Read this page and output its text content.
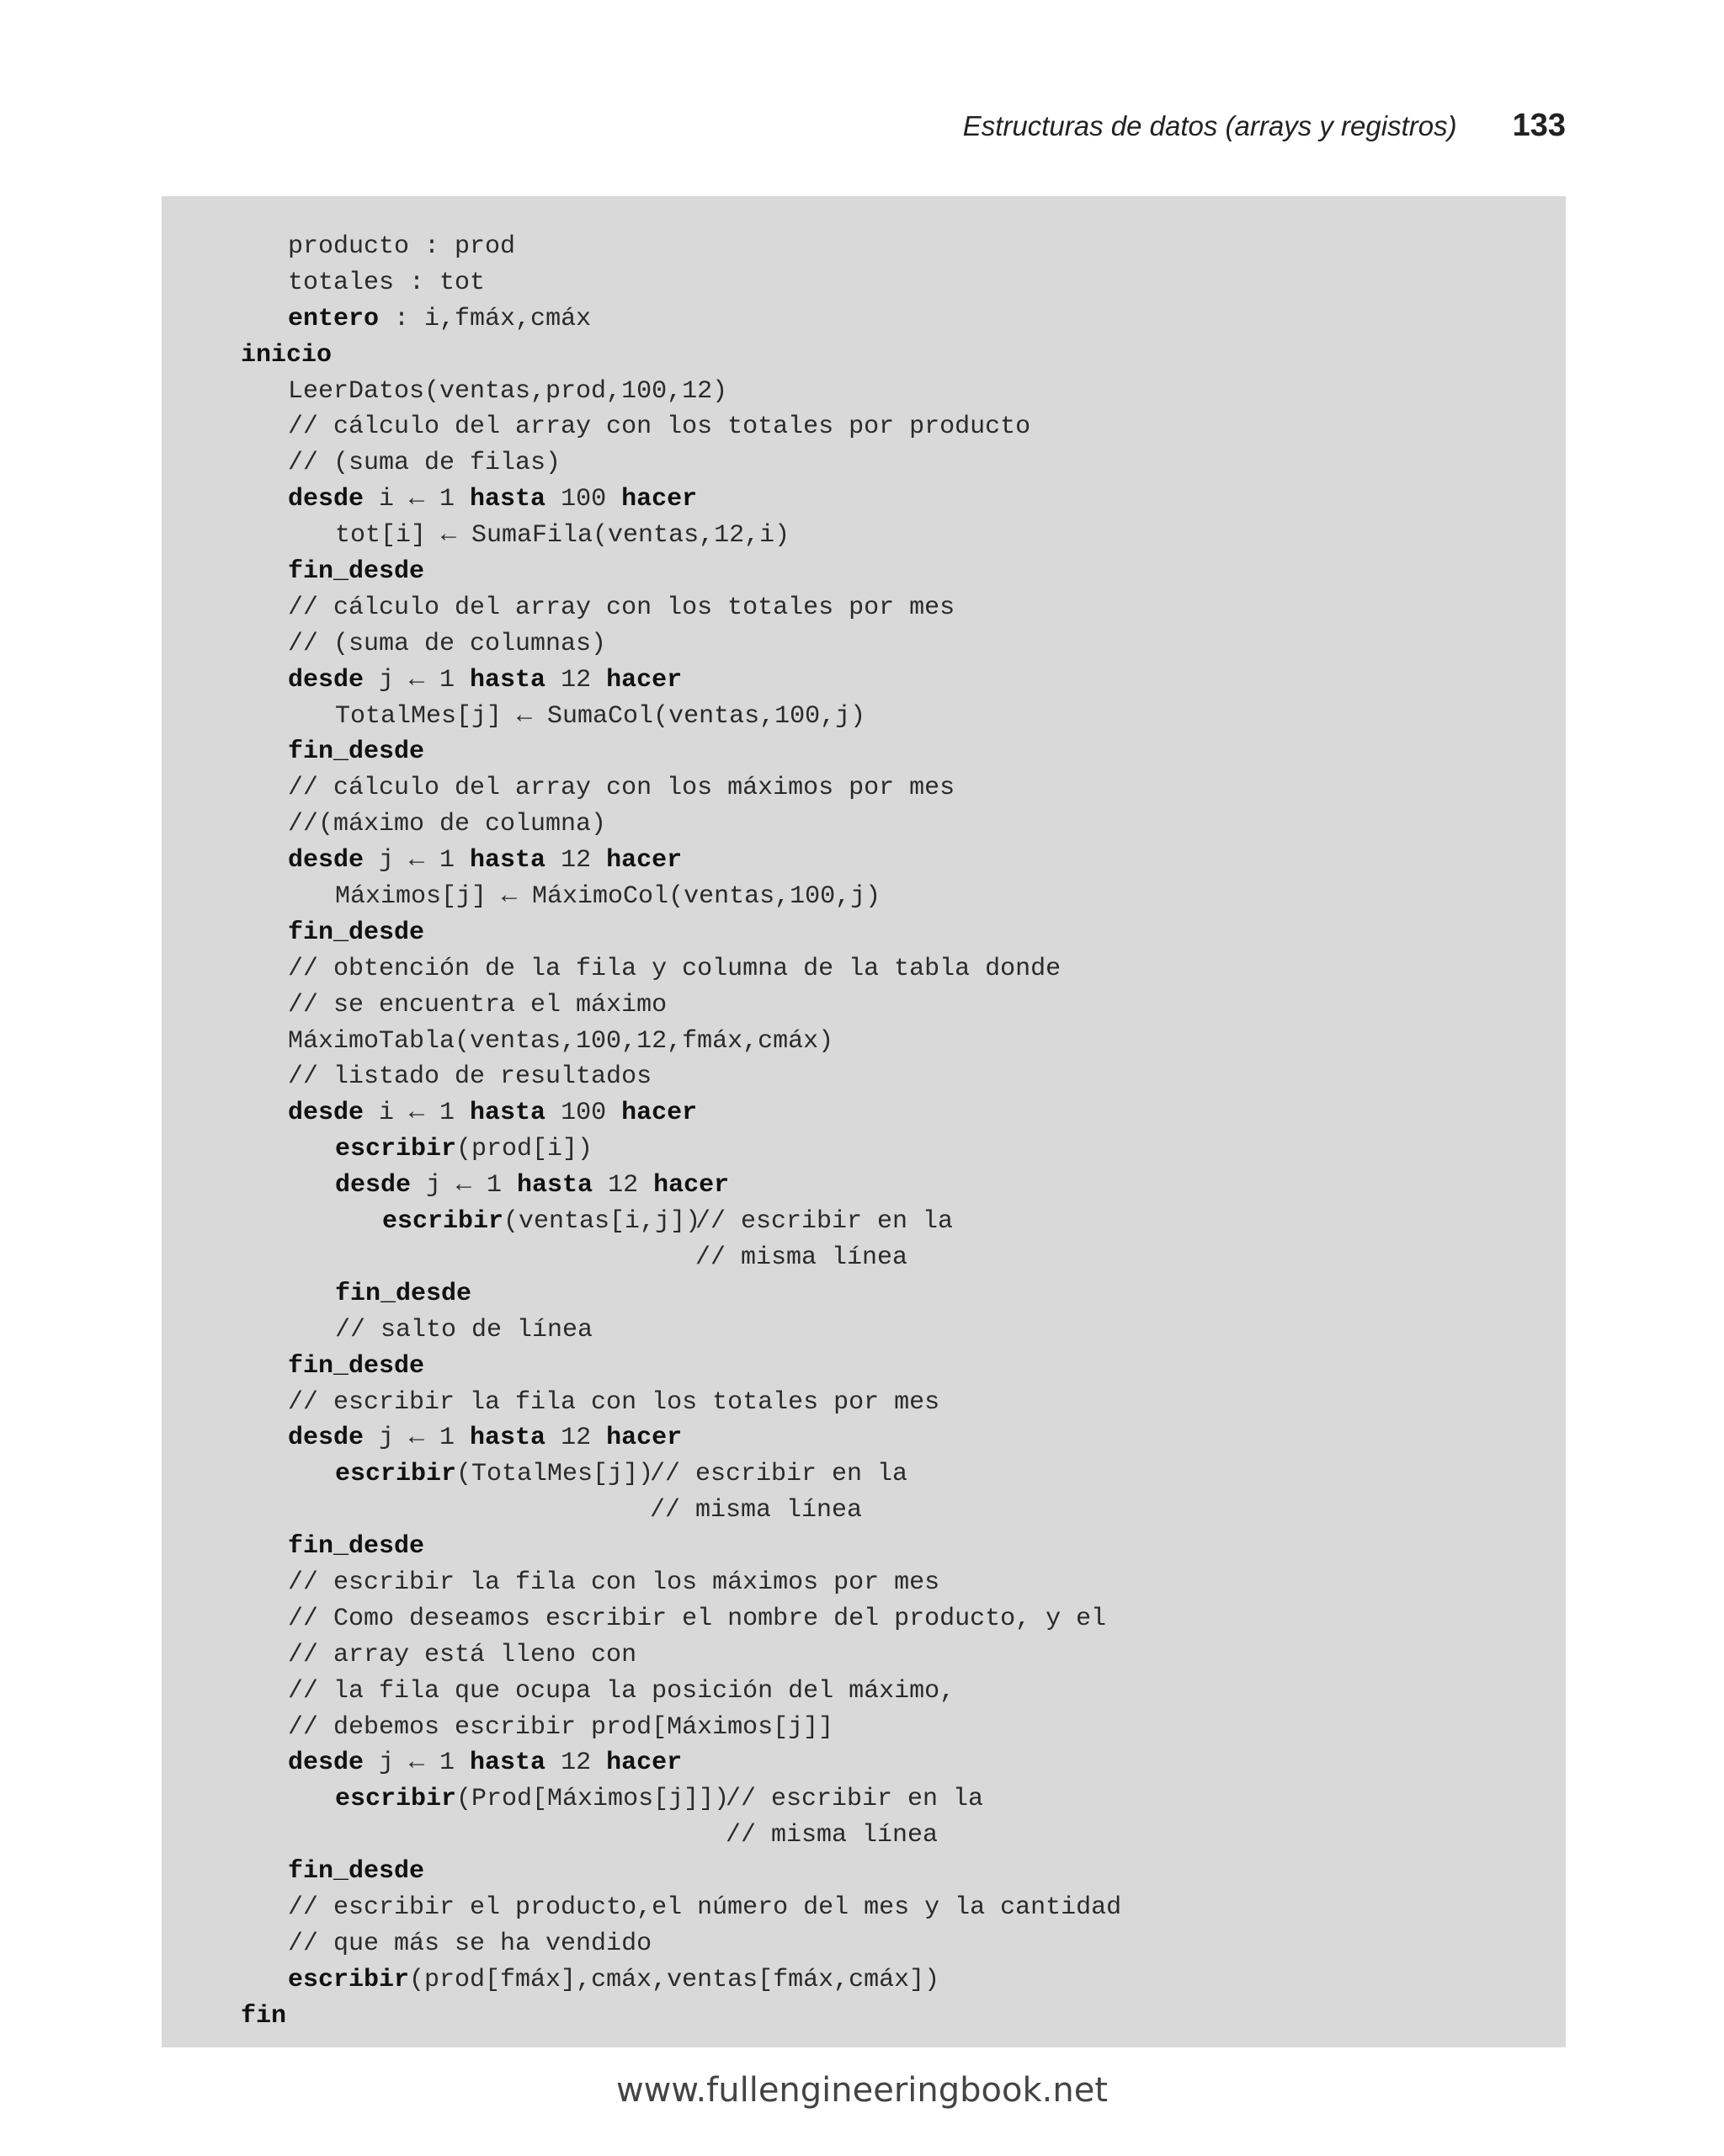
Estructuras de datos (arrays y registros) 133
producto : prod
totales : tot
entero : i,fmáx,cmáx
inicio
LeerDatos(ventas,prod,100,12)
// cálculo del array con los totales por producto
// (suma de filas)
desde i ← 1 hasta 100 hacer
tot[i] ← SumaFila(ventas,12,i)
fin_desde
// cálculo del array con los totales por mes
// (suma de columnas)
desde j ← 1 hasta 12 hacer
TotalMes[j] ← SumaCol(ventas,100,j)
fin_desde
// cálculo del array con los máximos por mes
//(máximo de columna)
desde j ← 1 hasta 12 hacer
Máximos[j] ← MáximoCol(ventas,100,j)
fin_desde
// obtención de la fila y columna de la tabla donde
// se encuentra el máximo
MáximoTabla(ventas,100,12,fmáx,cmáx)
// listado de resultados
desde i ← 1 hasta 100 hacer
escribir(prod[i])
desde j ← 1 hasta 12 hacer
escribir(ventas[i,j])
// escribir en la
// misma línea
fin_desde
// salto de línea
fin_desde
// escribir la fila con los totales por mes
desde j ← 1 hasta 12 hacer
escribir(TotalMes[j])
// escribir en la
// misma línea
fin_desde
// escribir la fila con los máximos por mes
// Como deseamos escribir el nombre del producto, y el
// array está lleno con
// la fila que ocupa la posición del máximo,
// debemos escribir prod[Máximos[j]]
desde j ← 1 hasta 12 hacer
escribir(Prod[Máximos[j]])
// escribir en la
// misma línea
fin_desde
// escribir el producto,el número del mes y la cantidad
// que más se ha vendido
escribir(prod[fmáx],cmáx,ventas[fmáx,cmáx])
fin
www.fullengineeringbook.net
